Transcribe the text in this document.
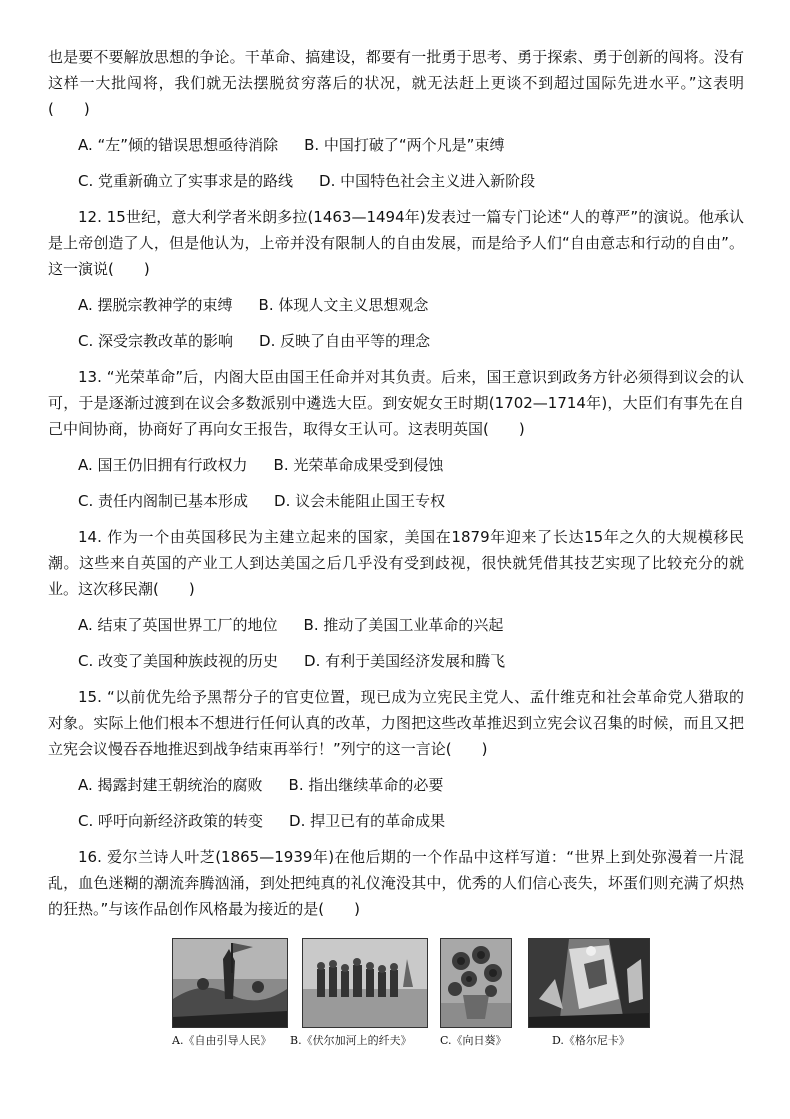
也是要不要解放思想的争论。干革命、搞建设，都要有一批勇于思考、勇于探索、勇于创新的闯将。没有这样一大批闯将，我们就无法摆脱贫穷落后的状况，就无法赶上更谈不到超过国际先进水平。”这表明(　　)

A. “左”倾的错误思想亟待消除 B. 中国打破了“两个凡是”束缚
C. 党重新确立了实事求是的路线 D. 中国特色社会主义进入新阶段

12. 15世纪，意大利学者米朗多拉(1463—1494年)发表过一篇专门论述“人的尊严”的演说。他承认是上帝创造了人，但是他认为，上帝并没有限制人的自由发展，而是给予人们“自由意志和行动的自由”。这一演说(　　)

A. 摆脱宗教神学的束缚 B. 体现人文主义思想观念
C. 深受宗教改革的影响 D. 反映了自由平等的理念

13. “光荣革命”后，内阁大臣由国王任命并对其负责。后来，国王意识到政务方针必须得到议会的认可，于是逐渐过渡到在议会多数派别中遴选大臣。到安妮女王时期(1702—1714年)，大臣们有事先在自己中间协商，协商好了再向女王报告，取得女王认可。这表明英国(　　)

A. 国王仍旧拥有行政权力 B. 光荣革命成果受到侵蚀
C. 责任内阁制已基本形成 D. 议会未能阻止国王专权

14. 作为一个由英国移民为主建立起来的国家，美国在1879年迎来了长达15年之久的大规模移民潮。这些来自英国的产业工人到达美国之后几乎没有受到歧视，很快就凭借其技艺实现了比较充分的就业。这次移民潮(　　)

A. 结束了英国世界工厂的地位 B. 推动了美国工业革命的兴起
C. 改变了美国种族歧视的历史 D. 有利于美国经济发展和腾飞

15. “以前优先给予黑帮分子的官吏位置，现已成为立宪民主党人、孟什维克和社会革命党人猎取的对象。实际上他们根本不想进行任何认真的改革，力图把这些改革推迟到立宪会议召集的时候，而且又把立宪会议慢吞吞地推迟到战争结束再举行！”列宁的这一言论(　　)

A. 揭露封建王朝统治的腐败 B. 指出继续革命的必要
C. 呼吁向新经济政策的转变 D. 捍卫已有的革命成果

16. 爱尔兰诗人叶芝(1865—1939年)在他后期的一个作品中这样写道：“世界上到处弥漫着一片混乱，血色迷糊的潮流奔腾汹涌，到处把纯真的礼仪淹没其中，优秀的人们信心丧失，坏蛋们则充满了炽热的狂热。”与该作品创作风格最为接近的是(　　)

A.《自由引导人民》 B.《伏尔加河上的纤夫》	C.《向日葵》	D.《格尔尼卡》
